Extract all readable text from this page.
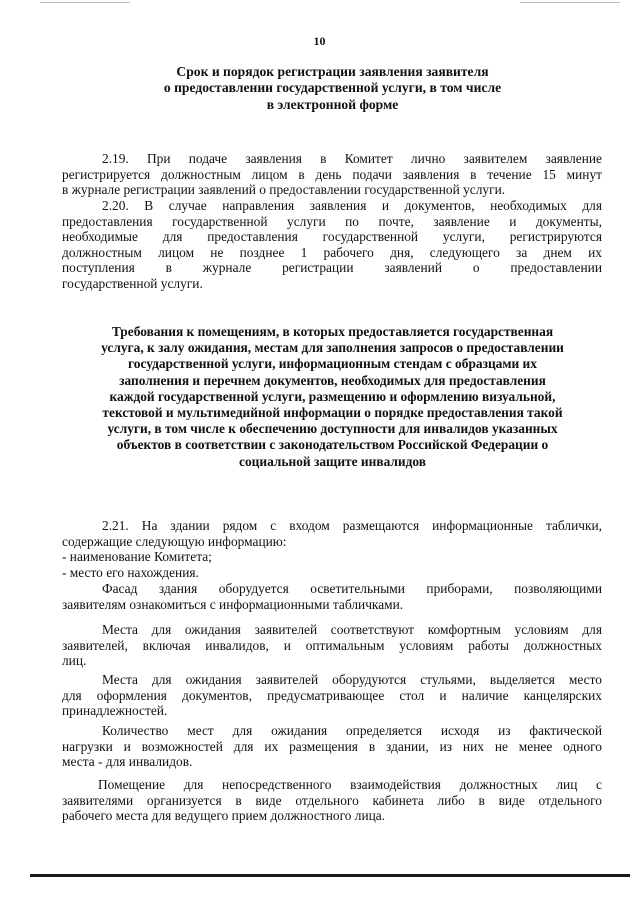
10
Срок и порядок регистрации заявления заявителя
о предоставлении государственной услуги, в том числе
в электронной форме
2.19. При подаче заявления в Комитет лично заявителем заявление
регистрируется должностным лицом в день подачи заявления в течение 15 минут
в журнале регистрации заявлений о предоставлении государственной услуги.
2.20. В случае направления заявления и документов, необходимых для
предоставления государственной услуги по почте, заявление и документы,
необходимые для предоставления государственной услуги, регистрируются
должностным лицом не позднее 1 рабочего дня, следующего за днем их
поступления в журнале регистрации заявлений о предоставлении
государственной услуги.
Требования к помещениям, в которых предоставляется государственная
услуга, к залу ожидания, местам для заполнения запросов о предоставлении
государственной услуги, информационным стендам с образцами их
заполнения и перечнем документов, необходимых для предоставления
каждой государственной услуги, размещению и оформлению визуальной,
текстовой и мультимедийной информации о порядке предоставления такой
услуги, в том числе к обеспечению доступности для инвалидов указанных
объектов в соответствии с законодательством Российской Федерации о
социальной защите инвалидов
2.21. На здании рядом с входом размещаются информационные таблички,
содержащие следующую информацию:
- наименование Комитета;
- место его нахождения.
Фасад здания оборудуется осветительными приборами, позволяющими
заявителям ознакомиться с информационными табличками.
Места для ожидания заявителей соответствуют комфортным условиям для
заявителей, включая инвалидов, и оптимальным условиям работы должностных
лиц.
Места для ожидания заявителей оборудуются стульями, выделяется место
для оформления документов, предусматривающее стол и наличие канцелярских
принадлежностей.
Количество мест для ожидания определяется исходя из фактической
нагрузки и возможностей для их размещения в здании, из них не менее одного
места - для инвалидов.
Помещение для непосредственного взаимодействия должностных лиц с
заявителями организуется в виде отдельного кабинета либо в виде отдельного
рабочего места для ведущего прием должностного лица.
